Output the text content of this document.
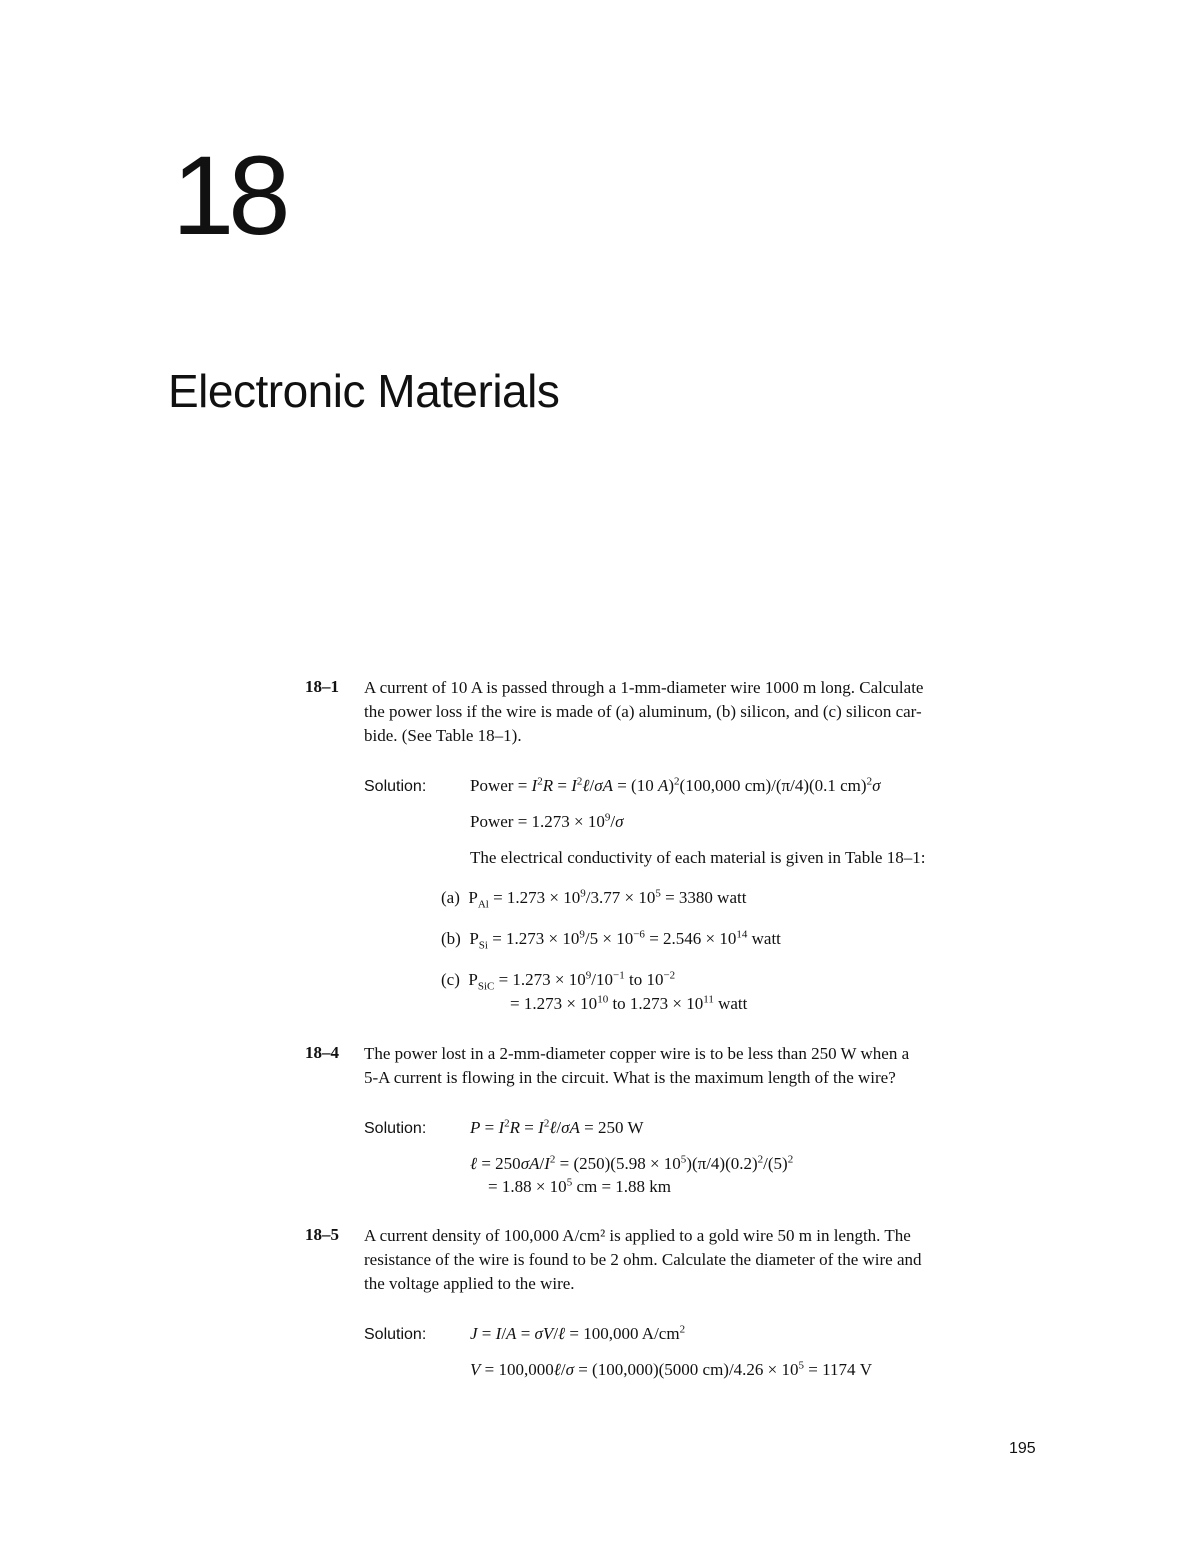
18
Electronic Materials
18–1 A current of 10 A is passed through a 1-mm-diameter wire 1000 m long. Calculate
the power loss if the wire is made of (a) aluminum, (b) silicon, and (c) silicon car-
bide. (See Table 18–1).
Solution:	Power = $I^2R$ = $I^2\ell/\sigma A = (10$ A)$^2$(100,000 cm)/(π/4)(0.1 cm)$^2$σ
Power = $1.273 \times 10^9/\sigma$
The electrical conductivity of each material is given in Table 18–1:
(a)  $P_{Al} = 1.273 \times 10^9/3.77 \times 10^5 = 3380$ watt
(b)  $P_{Si} = 1.273 \times 10^9/5 \times 10^{-6} = 2.546 \times 10^{14}$ watt
(c)  $P_{SiC} = 1.273 \times 10^9/10^{-1}$ to $10^{-2}$
= $1.273 \times 10^{10}$ to $1.273 \times 10^{11}$ watt
18–4 The power lost in a 2-mm-diameter copper wire is to be less than 250 W when a
5-A current is flowing in the circuit. What is the maximum length of the wire?
Solution:	$P = I^2R$ = $I^2\ell/\sigma A = 250$ W
ℓ = $250\sigma A/I^2 = (250)(5.98 \times 10^5)(\pi/4)(0.2)^2/(5)^2$
= $1.88 \times 10^5$ cm = 1.88 km
18–5 A current density of 100,000 A/cm² is applied to a gold wire 50 m in length. The
resistance of the wire is found to be 2 ohm. Calculate the diameter of the wire and
the voltage applied to the wire.
Solution:	J = I/A = σV/ℓ = 100,000 $A/cm^2$
V = 100,000ℓ/σ = (100,000)(5000 $cm)/4.26 \times 10^5 = 1174$ V
195
